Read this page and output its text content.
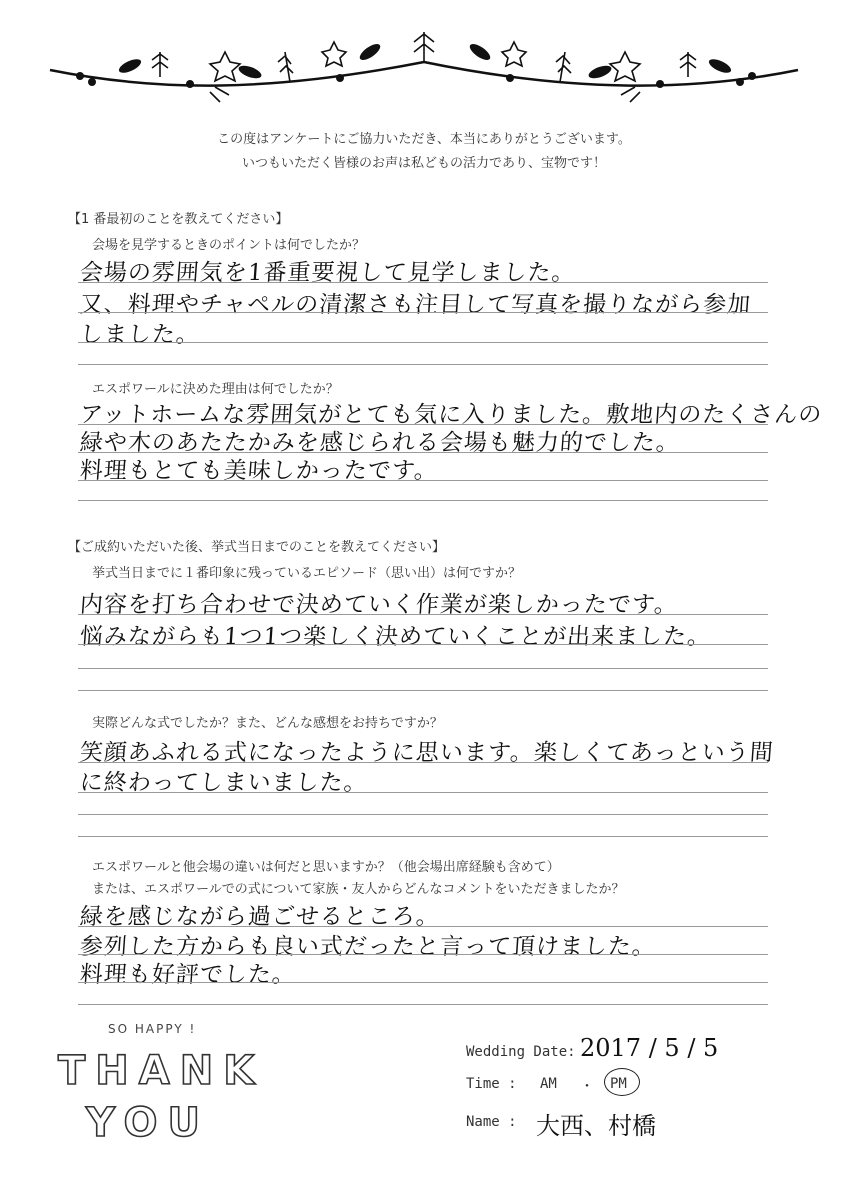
この度はアンケートにご協力いただき、本当にありがとうございます。
いつもいただく皆様のお声は私どもの活力であり、宝物です！
【1 番最初のことを教えてください】
会場を見学するときのポイントは何でしたか？
会場の雰囲気を1番重要視して見学しました。
又、料理やチャペルの清潔さも注目して写真を撮りながら参加
しました。
エスポワールに決めた理由は何でしたか？
アットホームな雰囲気がとても気に入りました。敷地内のたくさんの
緑や木のあたたかみを感じられる会場も魅力的でした。
料理もとても美味しかったです。
【ご成約いただいた後、挙式当日までのことを教えてください】
挙式当日までに１番印象に残っているエピソード（思い出）は何ですか？
内容を打ち合わせで決めていく作業が楽しかったです。
悩みながらも1つ1つ楽しく決めていくことが出来ました。
実際どんな式でしたか？また、どんな感想をお持ちですか？
笑顔あふれる式になったように思います。楽しくてあっという間
に終わってしまいました。
エスポワールと他会場の違いは何だと思いますか？（他会場出席経験も含めて）
または、エスポワールでの式について家族・友人からどんなコメントをいただきましたか？
緑を感じながら過ごせるところ。
参列した方からも良い式だったと言って頂けました。
料理も好評でした。
SO HAPPY !
THANK
YOU
Wedding Date: 2017 / 5 / 5
Time : AM ・ PM
Name : 大西、村橋
